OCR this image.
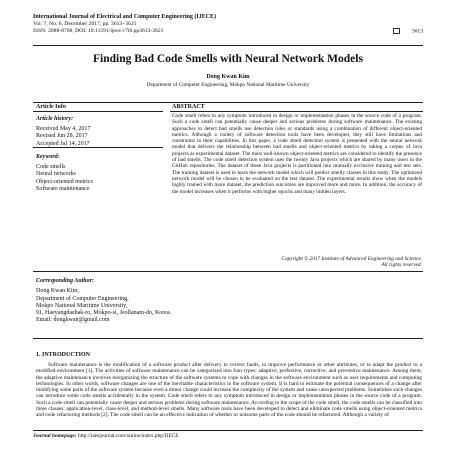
International Journal of Electrical and Computer Engineering (IJECE)
Vol. 7, No. 6, December 2017, pp. 3613~3621
ISSN: 2088-8708, DOI: 10.11591/ijece.v7i6.pp3613-3621	3613
Finding Bad Code Smells with Neural Network Models
Dong Kwan Kim
Department of Computer Engineering, Mokpo National Maritime University
Article Info	ABSTRACT
Article history:
Received May 4, 2017
Revised Jun 28, 2017
Accepted Jul 14, 2017
Keyword:
Code smells
Neural networks
Object-oriented metrics
Software maintenance
Code smell refers to any symptom introduced in design or implementation phases in the source code of a program. Such a code smell can potentially cause deeper and serious problems during software maintenance. The existing approaches to detect bad smells use detection rules or standards using a combination of different object-oriented metrics. Although a variety of software detection tools have been developed, they still have limitations and constraints in their capabilities. In this paper, a code smell detection system is presented with the neural network model that delivers the relationship between bad smells and object-oriented metrics by taking a corpus of Java projects as experimental dataset. The most well-known object-oriented metrics are considered to identify the presence of bad smells. The code smell detection system uses the twenty Java projects which are shared by many users in the GitHub repositories. The dataset of these Java projects is partitioned into mutually exclusive training and test sets. The training dataset is used to learn the network model which will predict smelly classes in this study. The optimized network model will be chosen to be evaluated on the test dataset. The experimental results show when the models highly trained with more dataset, the prediction outcomes are improved more and more. In addition, the accuracy of the model increases when it performs with higher epochs and many hidden layers.
Copyright © 2017 Institute of Advanced Engineering and Science.
All rights reserved.
Corresponding Author:
Dong Kwan Kim,
Department of Computer Engineering,
Mokpo National Maritime University,
91, Haeyangdaehak-ro, Mokpo-si, Jeollanam-do, Korea.
Email: dongkwan@gmail.com
1. INTRODUCTION
Software maintenance is the modification of a software product after delivery to correct faults, to improve performance or other attributes, or to adapt the product to a modified environment [1]. The activities of software maintenance can be categorized into four types: adaptive, perfective, corrective, and preventive maintenance. Among them, the adaptive maintenance involves reorganizing the structure of the software systems to cope with changes in the software environment such as user requirements and computing technologies. In other words, software changes are one of the inevitable characteristics in the software system. It is hard to estimate the potential consequences of a change after modifying some parts of the software system because even a minor change could increase the complexity of the system and cause unexpected problems. Sometimes such changes can introduce some code smells accidentally in the system. Code smell refers to any symptom introduced in design or implementation phases in the source code of a program. Such a code smell can potentially cause deeper and serious problems during software maintenance. According to the scope of the code smell, the code smells can be classified into three classes: application-level, class-level, and method-level smells. Many software tools have been developed to detect and eliminate code smells using object-oriented metrics and code refactoring methods [2]. The code smell can be an effective indication of whether or notsome parts of the code should be refactored. Although a variety of
Journal homepage: http://iaesjournal.com/online/index.php/IJECE
